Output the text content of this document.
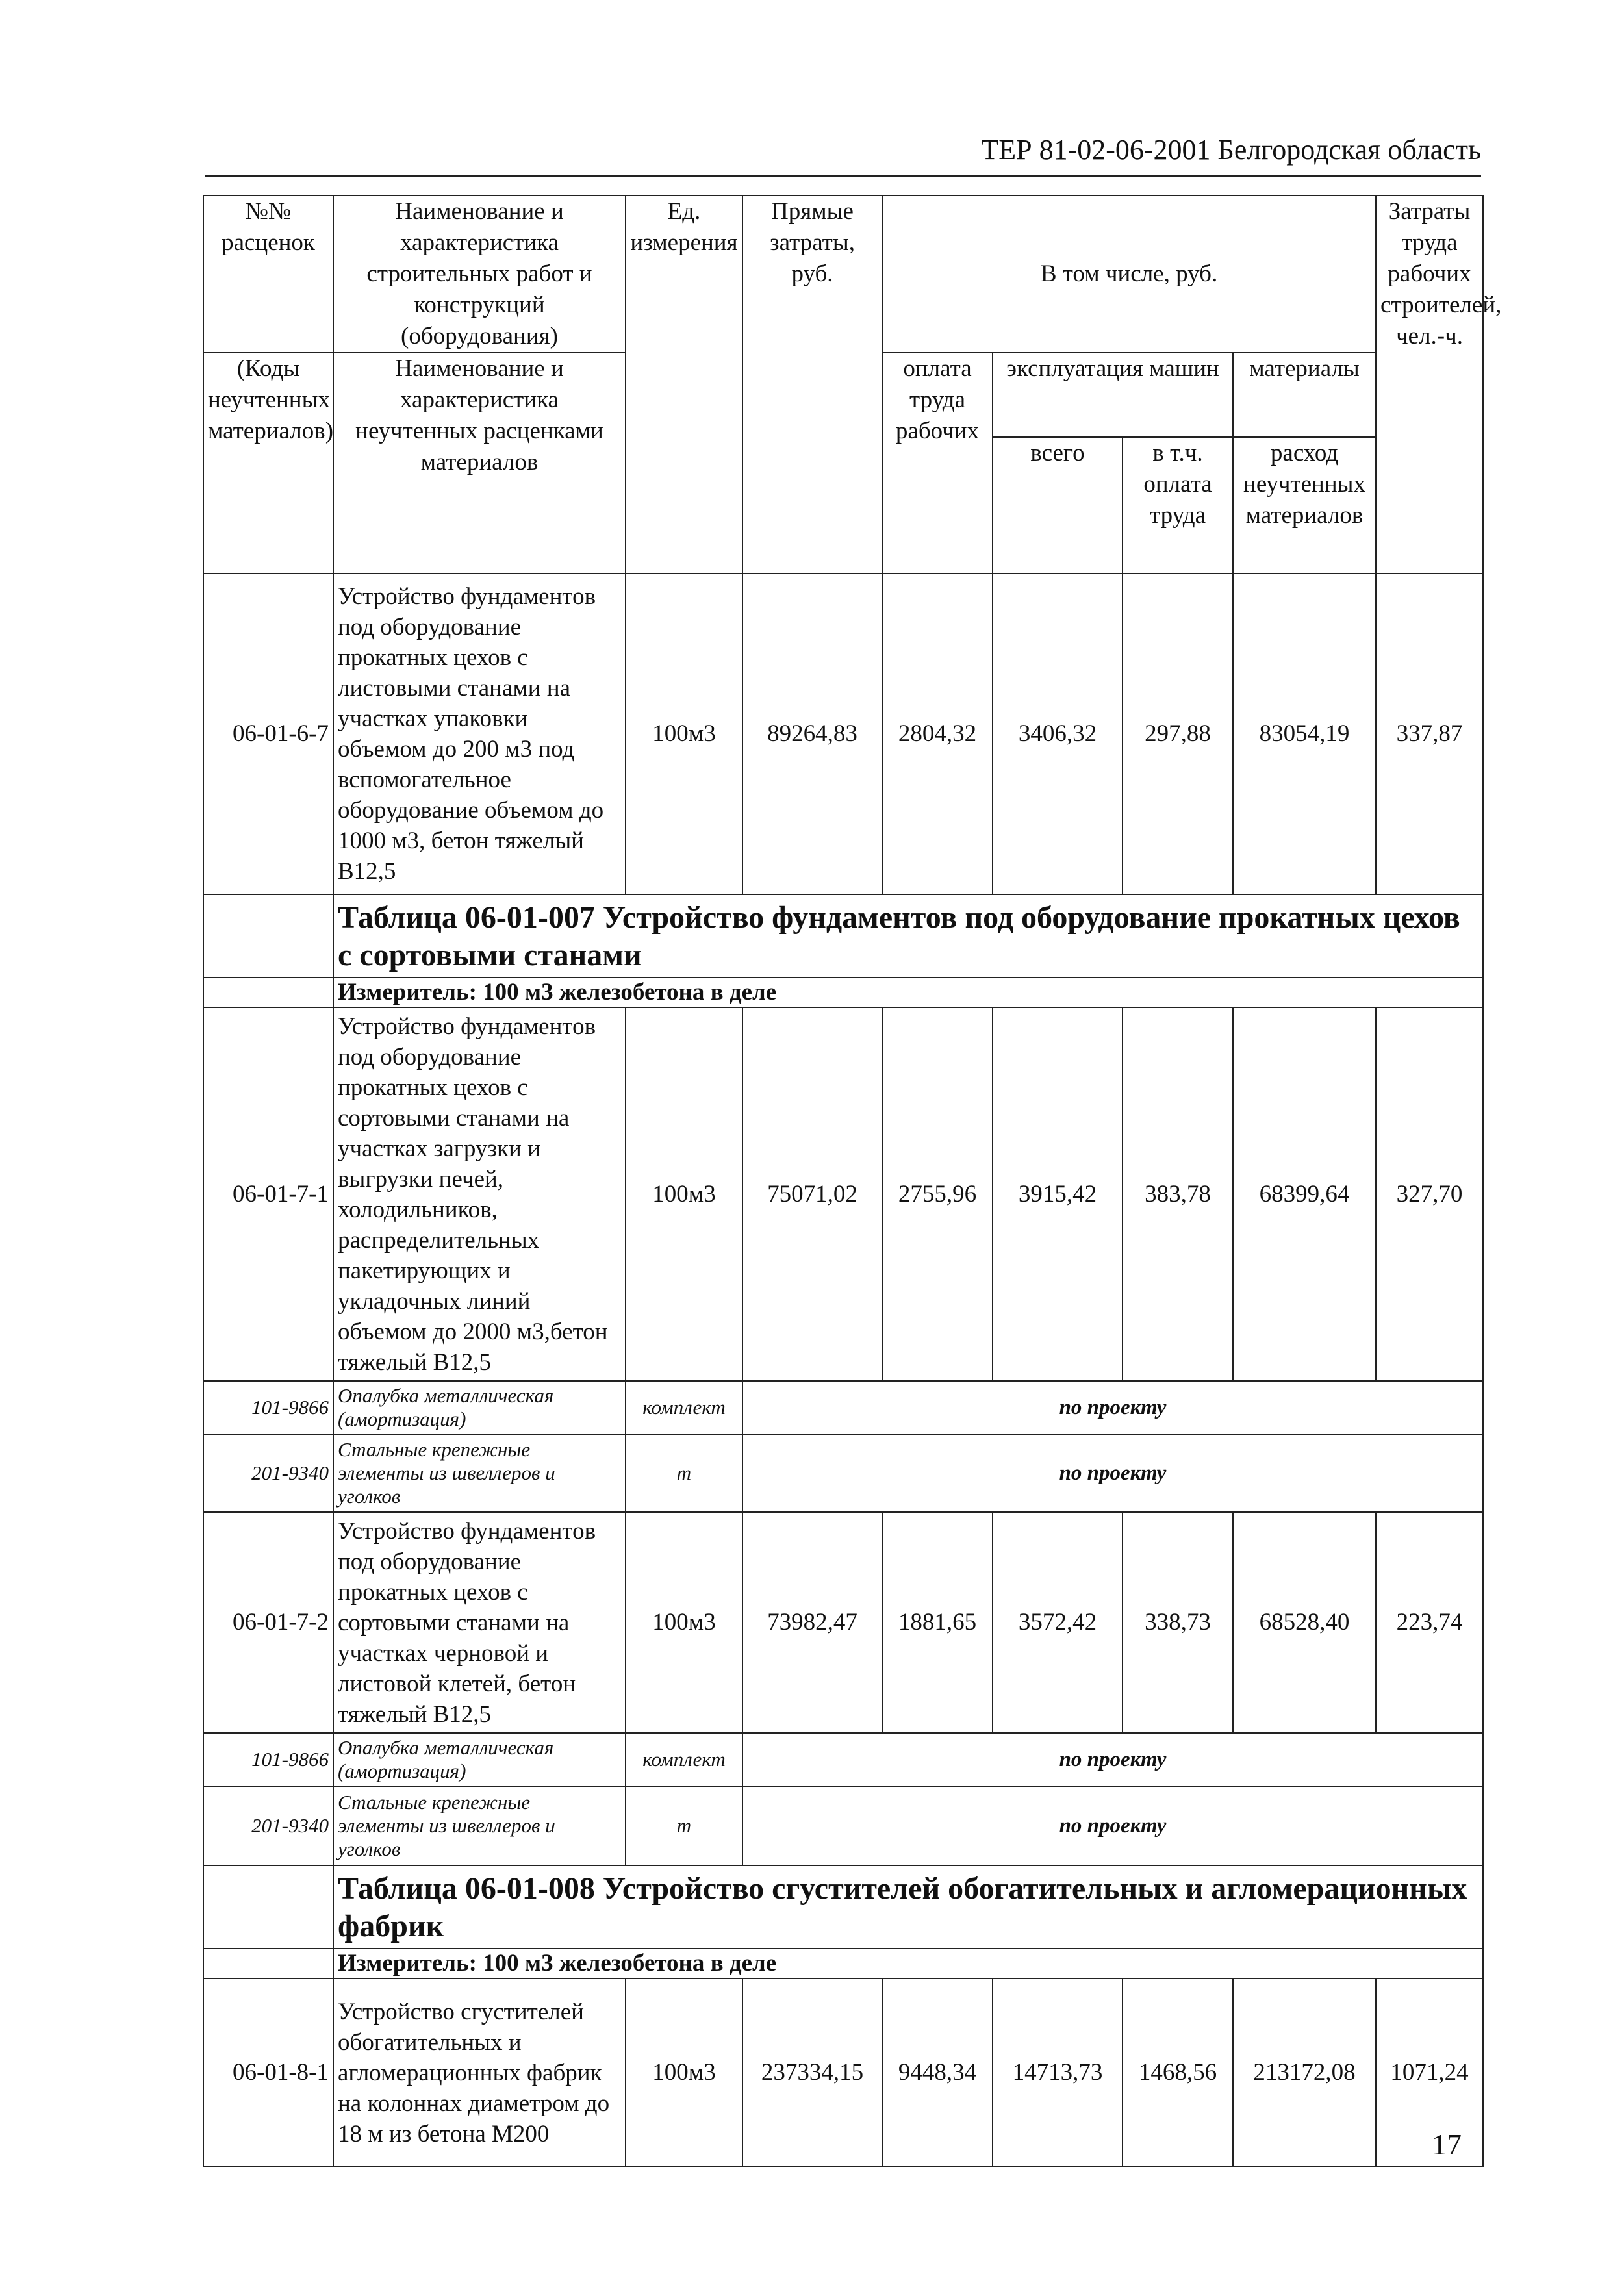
ТЕР 81-02-06-2001 Белгородская область
№№ расценок	Наименование и характеристика строительных работ и конструкций (оборудования)	Ед. измерения	Прямые затраты, руб.	В том числе, руб.				Затраты труда рабочих строителей, чел.-ч.
(Коды неучтенных материалов)	Наименование и характеристика неучтенных расценками материалов			оплата труда рабочих	эксплуатация машин		материалы	
					всего	в т.ч. оплата труда	расход неучтенных материалов	
06-01-6-7	Устройство фундаментов под оборудование прокатных цехов с листовыми станами на участках упаковки объемом до 200 м3 под вспомогательное оборудование объемом до 1000 м3, бетон тяжелый В12,5	100м3	89264,83	2804,32	3406,32	297,88	83054,19	337,87
	Таблица 06-01-007 Устройство фундаментов под оборудование прокатных цехов с сортовыми станами							
	Измеритель: 100 м3 железобетона в деле							
06-01-7-1	Устройство фундаментов под оборудование прокатных цехов с сортовыми станами на участках загрузки и выгрузки печей, холодильников, распределительных пакетирующих и укладочных линий объемом до 2000 м3,бетон тяжелый В12,5	100м3	75071,02	2755,96	3915,42	383,78	68399,64	327,70
101-9866	Опалубка металлическая (амортизация)	комплект	по проекту					
201-9340	Стальные крепежные элементы из швеллеров и уголков	т	по проекту					
06-01-7-2	Устройство фундаментов под оборудование прокатных цехов с сортовыми станами на участках черновой и листовой клетей, бетон тяжелый В12,5	100м3	73982,47	1881,65	3572,42	338,73	68528,40	223,74
101-9866	Опалубка металлическая (амортизация)	комплект	по проекту					
201-9340	Стальные крепежные элементы из швеллеров и уголков	т	по проекту					
	Таблица 06-01-008 Устройство сгустителей обогатительных и агломерационных фабрик							
	Измеритель: 100 м3 железобетона в деле							
06-01-8-1	Устройство сгустителей обогатительных и агломерационных фабрик на колоннах диаметром до 18 м из бетона М200	100м3	237334,15	9448,34	14713,73	1468,56	213172,08	1071,24
17
